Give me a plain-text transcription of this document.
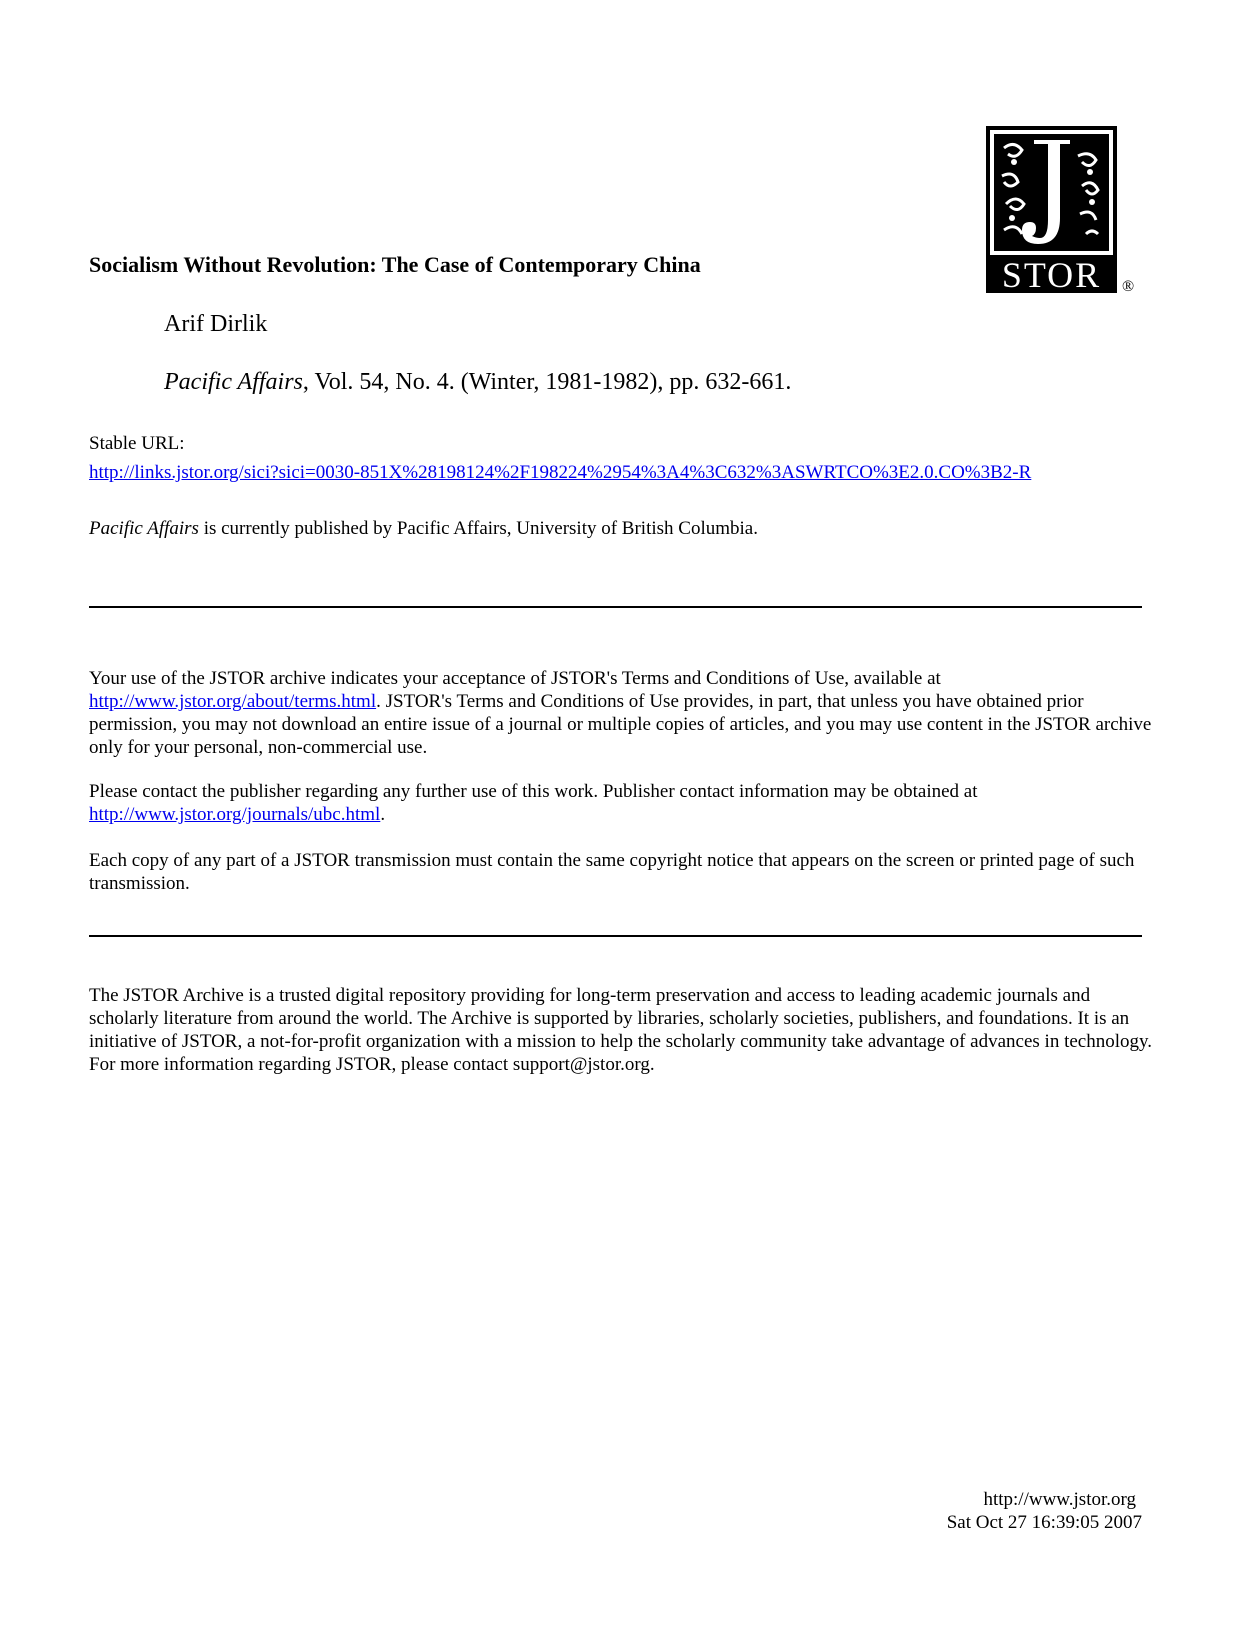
Socialism Without Revolution: The Case of Contemporary China	STOR ®
Arif Dirlik
Pacific Affairs, Vol. 54, No. 4. (Winter, 1981-1982), pp. 632-661.
Stable URL:
http://links.jstor.org/sici?sici=0030-851X%28198124%2F198224%2954%3A4%3C632%3ASWRTCO%3E2.0.CO%3B2-R
Pacific Affairs is currently published by Pacific Affairs, University of British Columbia.
Your use of the JSTOR archive indicates your acceptance of JSTOR's Terms and Conditions of Use, available at http://www.jstor.org/about/terms.html. JSTOR's Terms and Conditions of Use provides, in part, that unless you have obtained prior permission, you may not download an entire issue of a journal or multiple copies of articles, and you may use content in the JSTOR archive only for your personal, non-commercial use.
Please contact the publisher regarding any further use of this work. Publisher contact information may be obtained at http://www.jstor.org/journals/ubc.html.
Each copy of any part of a JSTOR transmission must contain the same copyright notice that appears on the screen or printed page of such transmission.
The JSTOR Archive is a trusted digital repository providing for long-term preservation and access to leading academic journals and scholarly literature from around the world. The Archive is supported by libraries, scholarly societies, publishers, and foundations. It is an initiative of JSTOR, a not-for-profit organization with a mission to help the scholarly community take advantage of advances in technology. For more information regarding JSTOR, please contact support@jstor.org.
http://www.jstor.org
Sat Oct 27 16:39:05 2007
